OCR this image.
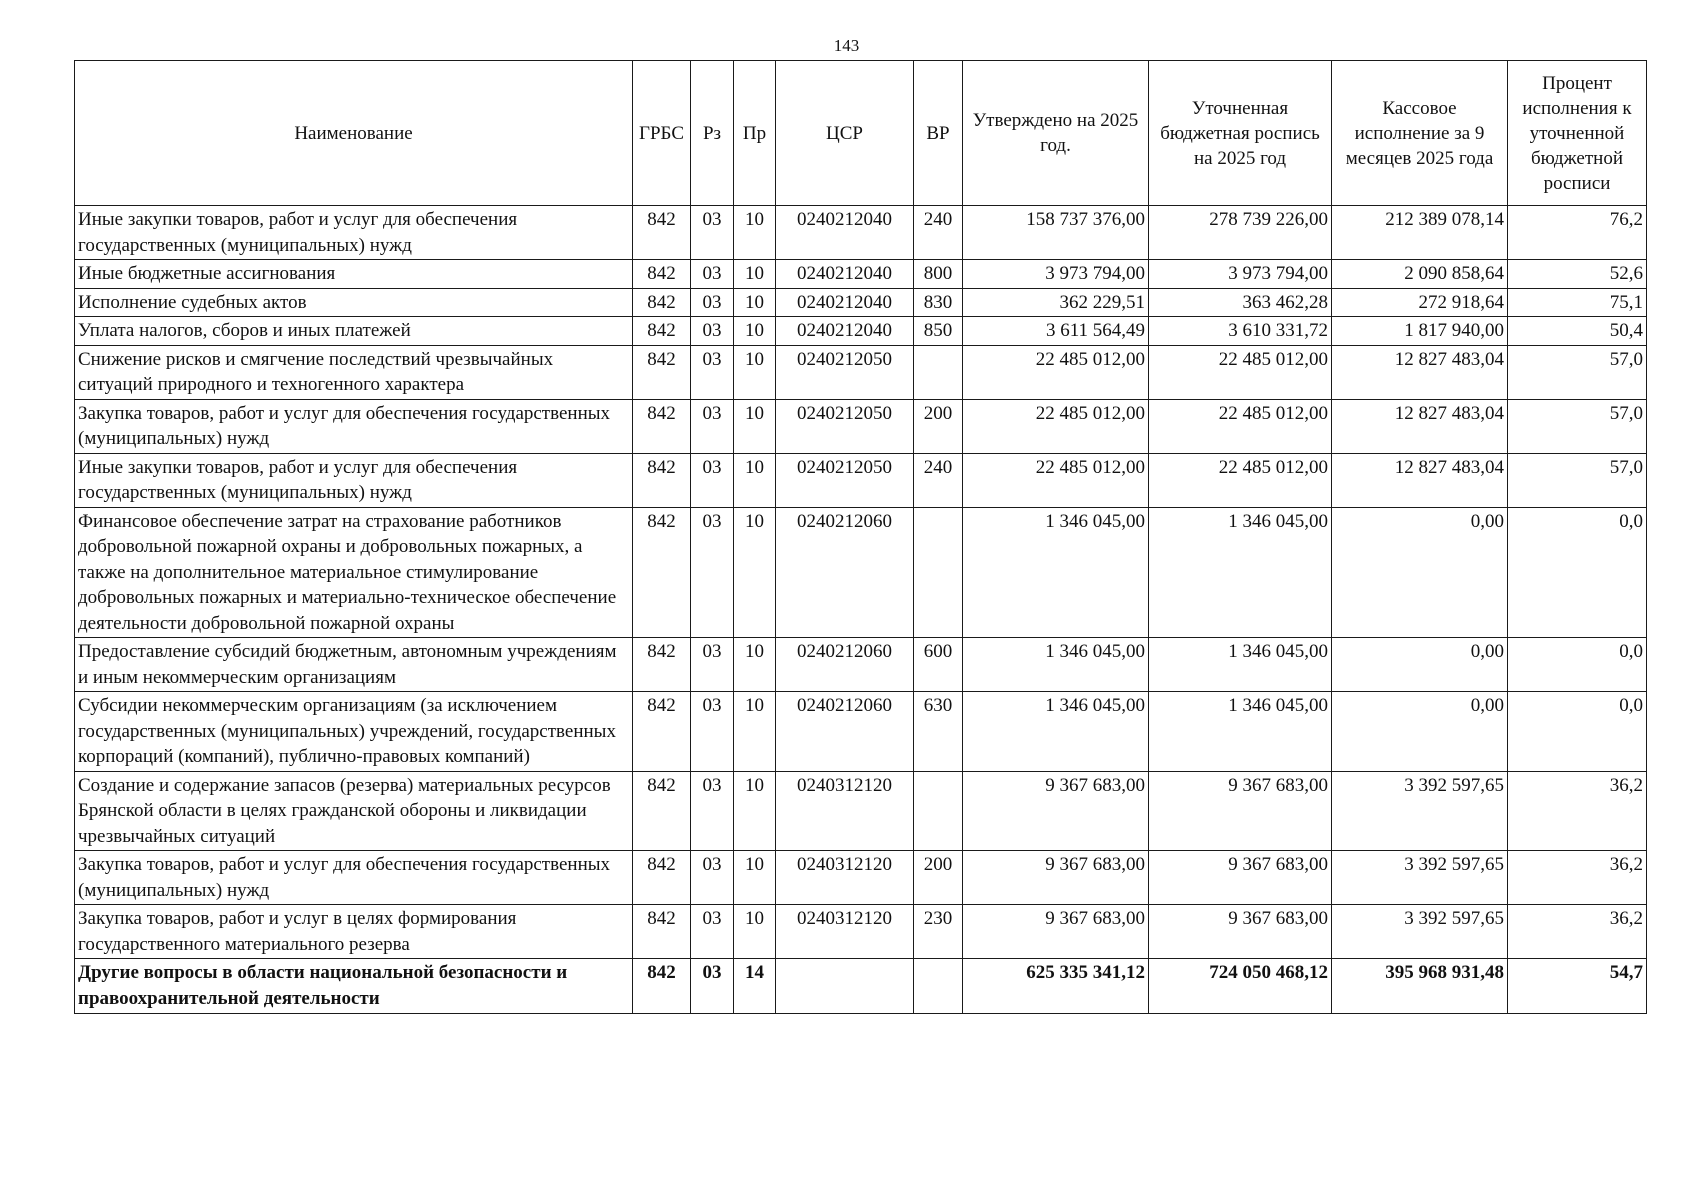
143
Наименование	ГРБС	Рз	Пр	ЦСР	ВР	Утверждено на 2025 год.	Уточненная бюджетная роспись на 2025 год	Кассовое исполнение за 9 месяцев 2025 года	Процент исполнения к уточненной бюджетной росписи
Иные закупки товаров, работ и услуг для обеспечения государственных (муниципальных) нужд	842	03	10	0240212040	240	158 737 376,00	278 739 226,00	212 389 078,14	76,2
Иные бюджетные ассигнования	842	03	10	0240212040	800	3 973 794,00	3 973 794,00	2 090 858,64	52,6
Исполнение судебных актов	842	03	10	0240212040	830	362 229,51	363 462,28	272 918,64	75,1
Уплата налогов, сборов и иных платежей	842	03	10	0240212040	850	3 611 564,49	3 610 331,72	1 817 940,00	50,4
Снижение рисков и смягчение последствий чрезвычайных ситуаций природного и техногенного характера	842	03	10	0240212050		22 485 012,00	22 485 012,00	12 827 483,04	57,0
Закупка товаров, работ и услуг для обеспечения государственных (муниципальных) нужд	842	03	10	0240212050	200	22 485 012,00	22 485 012,00	12 827 483,04	57,0
Иные закупки товаров, работ и услуг для обеспечения государственных (муниципальных) нужд	842	03	10	0240212050	240	22 485 012,00	22 485 012,00	12 827 483,04	57,0
Финансовое обеспечение затрат на страхование работников добровольной пожарной охраны и добровольных пожарных, а также на дополнительное материальное стимулирование добровольных пожарных и материально-техническое обеспечение деятельности добровольной пожарной охраны	842	03	10	0240212060		1 346 045,00	1 346 045,00	0,00	0,0
Предоставление субсидий бюджетным, автономным учреждениям и иным некоммерческим организациям	842	03	10	0240212060	600	1 346 045,00	1 346 045,00	0,00	0,0
Субсидии некоммерческим организациям (за исключением государственных (муниципальных) учреждений, государственных корпораций (компаний), публично-правовых компаний)	842	03	10	0240212060	630	1 346 045,00	1 346 045,00	0,00	0,0
Создание и содержание запасов (резерва) материальных ресурсов Брянской области в целях гражданской обороны и ликвидации чрезвычайных ситуаций	842	03	10	0240312120		9 367 683,00	9 367 683,00	3 392 597,65	36,2
Закупка товаров, работ и услуг для обеспечения государственных (муниципальных) нужд	842	03	10	0240312120	200	9 367 683,00	9 367 683,00	3 392 597,65	36,2
Закупка товаров, работ и услуг в целях формирования государственного материального резерва	842	03	10	0240312120	230	9 367 683,00	9 367 683,00	3 392 597,65	36,2
Другие вопросы в области национальной безопасности и правоохранительной деятельности	842	03	14			625 335 341,12	724 050 468,12	395 968 931,48	54,7
